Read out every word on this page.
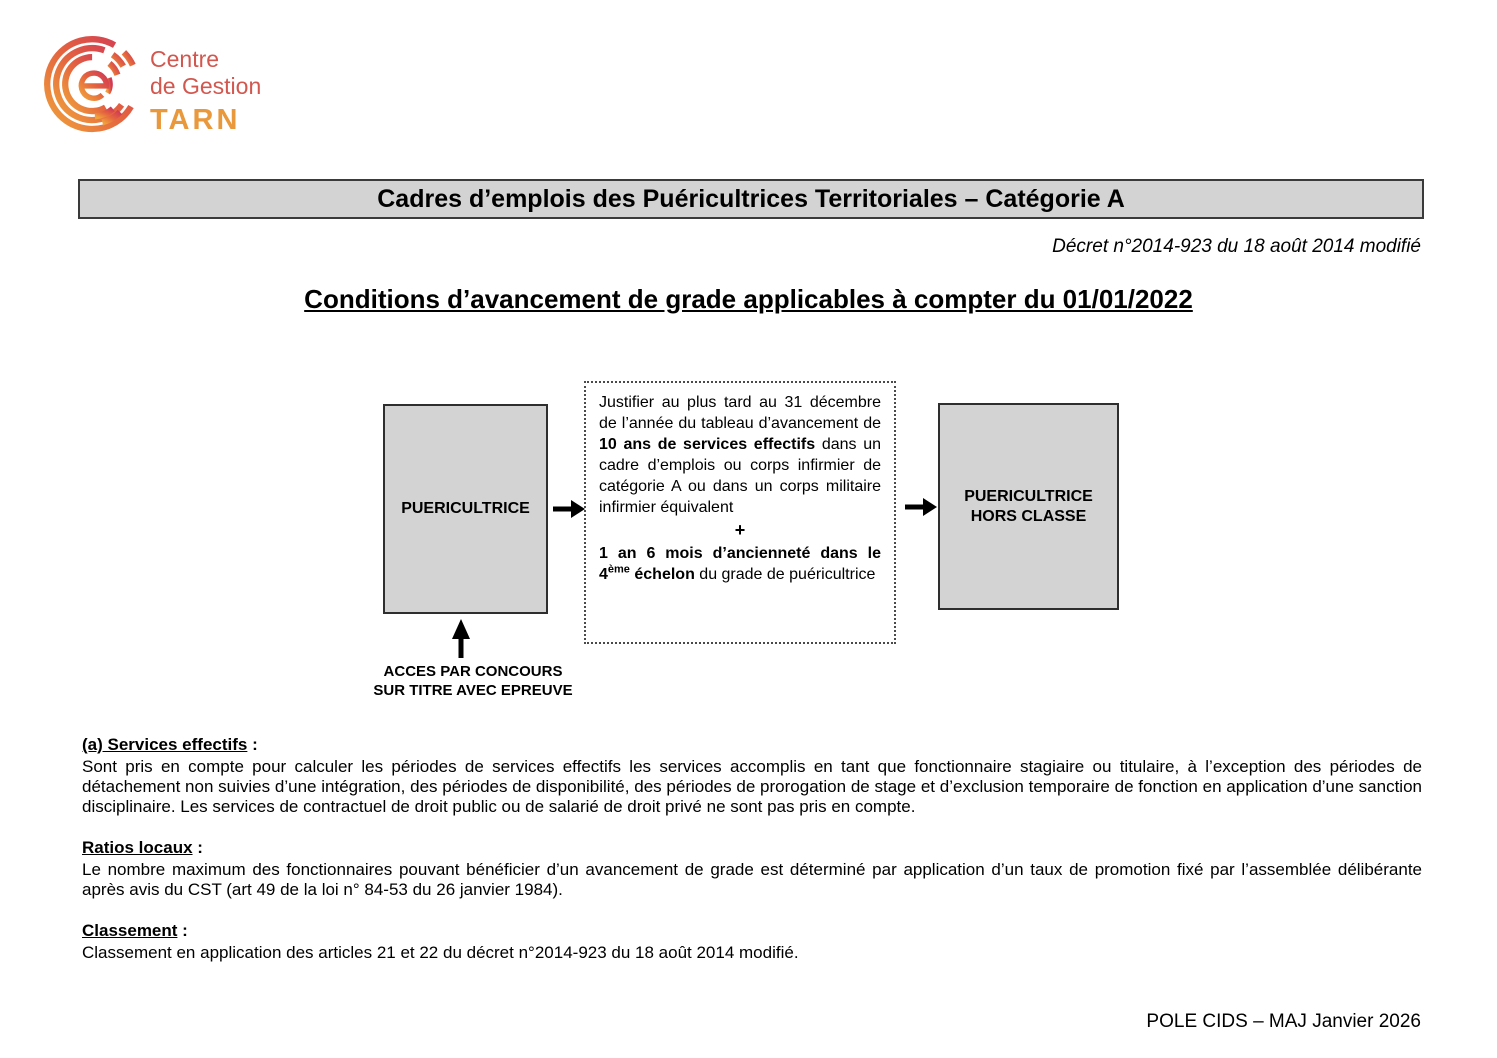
Centre
de Gestion
TARN
Cadres d’emplois des Puéricultrices Territoriales – Catégorie A
Décret n°2014-923 du 18 août 2014 modifié
Conditions d’avancement de grade applicables à compter du 01/01/2022
PUERICULTRICE

Justifier au plus tard au 31 décembre de l’année du tableau d’avancement de 10 ans de services effectifs dans un cadre d’emplois ou corps infirmier de catégorie A ou dans un corps militaire infirmier équivalent

+

1 an 6 mois d’ancienneté dans le 4ème échelon du grade de puéricultrice

PUERICULTRICE
HORS CLASSE
ACCES PAR CONCOURS
SUR TITRE AVEC EPREUVE
(a) Services effectifs :

Sont pris en compte pour calculer les périodes de services effectifs les services accomplis en tant que fonctionnaire stagiaire ou titulaire, à l’exception des périodes de détachement non suivies d’une intégration, des périodes de disponibilité, des périodes de prorogation de stage et d’exclusion temporaire de fonction en application d’une sanction disciplinaire. Les services de contractuel de droit public ou de salarié de droit privé ne sont pas pris en compte.

Ratios locaux :

Le nombre maximum des fonctionnaires pouvant bénéficier d’un avancement de grade est déterminé par application d’un taux de promotion fixé par l’assemblée délibérante après avis du CST (art 49 de la loi n° 84-53 du 26 janvier 1984).

Classement :

Classement en application des articles 21 et 22 du décret n°2014-923 du 18 août 2014 modifié.

POLE CIDS – MAJ Janvier 2026
